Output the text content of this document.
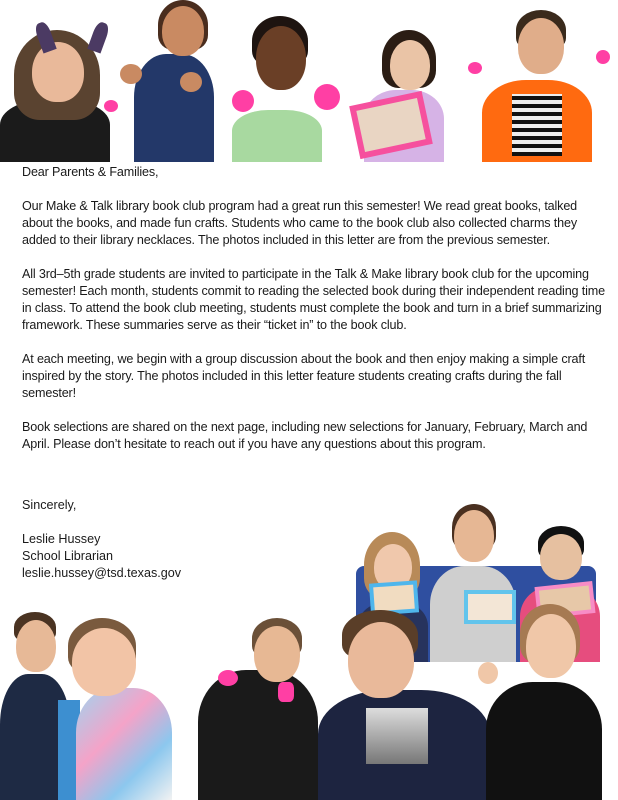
Dear Parents & Families,

Our Make & Talk library book club program had a great run this semester! We read great books, talked about the books, and made fun crafts. Students who came to the book club also collected charms they added to their library necklaces. The photos included in this letter are from the previous semester.

All 3rd–5th grade students are invited to participate in the Talk & Make library book club for the upcoming semester! Each month, students commit to reading the selected book during their independent reading time in class. To attend the book club meeting, students must complete the book and turn in a brief summarizing framework. These summaries serve as their “ticket in” to the book club.

At each meeting, we begin with a group discussion about the book and then enjoy making a simple craft inspired by the story. The photos included in this letter feature students creating crafts during the fall semester!

Book selections are shared on the next page, including new selections for January, February, March and April. Please don’t hesitate to reach out if you have any questions about this program.

Sincerely,

Leslie Hussey

School Librarian

leslie.hussey@tsd.texas.gov
